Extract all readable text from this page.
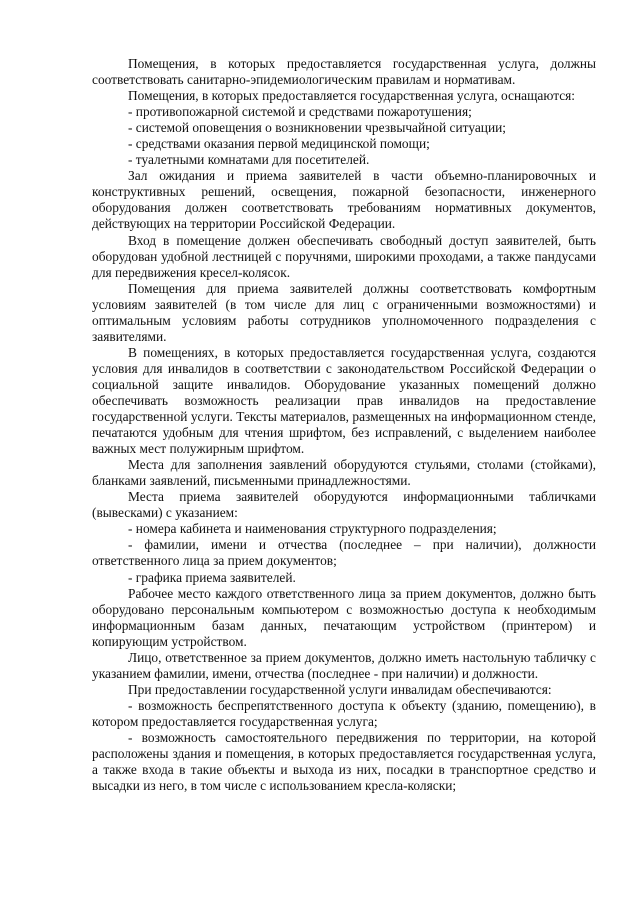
Помещения, в которых предоставляется государственная услуга, должны соответствовать санитарно-эпидемиологическим правилам и нормативам.

Помещения, в которых предоставляется государственная услуга, оснащаются:

- противопожарной системой и средствами пожаротушения;

- системой оповещения о возникновении чрезвычайной ситуации;

- средствами оказания первой медицинской помощи;

- туалетными комнатами для посетителей.

Зал ожидания и приема заявителей в части объемно-планировочных и конструктивных решений, освещения, пожарной безопасности, инженерного оборудования должен соответствовать требованиям нормативных документов, действующих на территории Российской Федерации.

Вход в помещение должен обеспечивать свободный доступ заявителей, быть оборудован удобной лестницей с поручнями, широкими проходами, а также пандусами для передвижения кресел-колясок.

Помещения для приема заявителей должны соответствовать комфортным условиям заявителей (в том числе для лиц с ограниченными возможностями) и оптимальным условиям работы сотрудников уполномоченного подразделения с заявителями.

В помещениях, в которых предоставляется государственная услуга, создаются условия для инвалидов в соответствии с законодательством Российской Федерации о социальной защите инвалидов. Оборудование указанных помещений должно обеспечивать возможность реализации прав инвалидов на предоставление государственной услуги. Тексты материалов, размещенных на информационном стенде, печатаются удобным для чтения шрифтом, без исправлений, с выделением наиболее важных мест полужирным шрифтом.

Места для заполнения заявлений оборудуются стульями, столами (стойками), бланками заявлений, письменными принадлежностями.

Места приема заявителей оборудуются информационными табличками (вывесками) с указанием:

- номера кабинета и наименования структурного подразделения;

- фамилии, имени и отчества (последнее – при наличии), должности ответственного лица за прием документов;

- графика приема заявителей.

Рабочее место каждого ответственного лица за прием документов, должно быть оборудовано персональным компьютером с возможностью доступа к необходимым информационным базам данных, печатающим устройством (принтером) и копирующим устройством.

Лицо, ответственное за прием документов, должно иметь настольную табличку с указанием фамилии, имени, отчества (последнее - при наличии) и должности.

При предоставлении государственной услуги инвалидам обеспечиваются:

- возможность беспрепятственного доступа к объекту (зданию, помещению), в котором предоставляется государственная услуга;

- возможность самостоятельного передвижения по территории, на которой расположены здания и помещения, в которых предоставляется государственная услуга, а также входа в такие объекты и выхода из них, посадки в транспортное средство и высадки из него, в том числе с использованием кресла-коляски;
